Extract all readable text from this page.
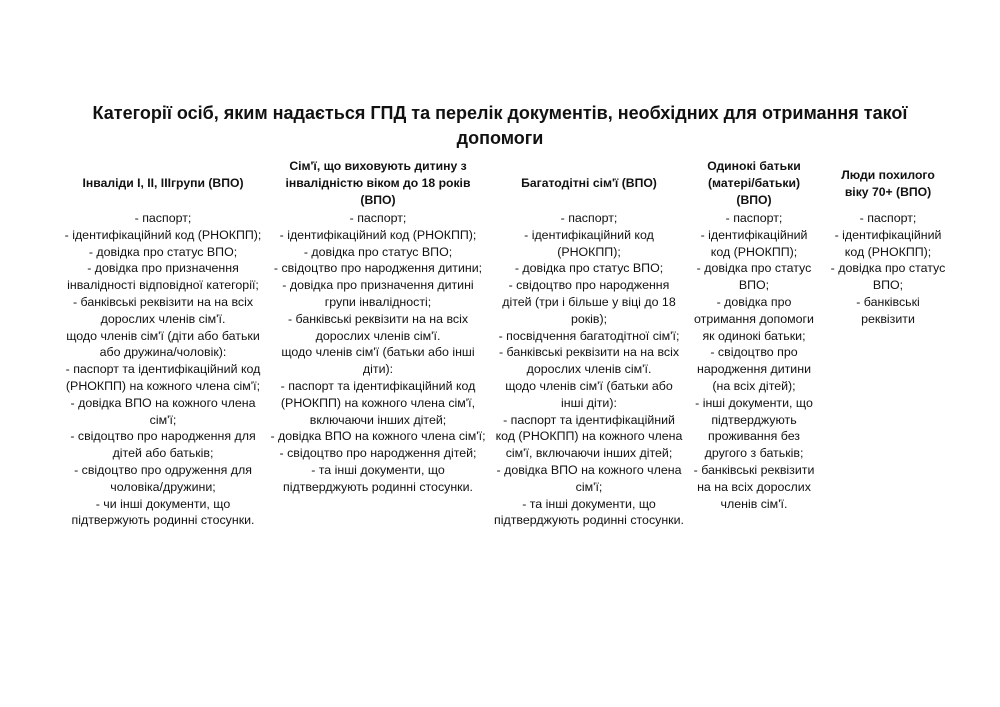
Категорії осіб, яким надається ГПД та перелік документів, необхідних для отримання такої допомоги

Інваліди І, ІІ, ІІІгрупи (ВПО)

- паспорт;
- ідентифікаційний код (РНОКПП);
- довідка про статус ВПО;
- довідка про призначення інвалідності відповідної категорії;
- банківські реквізити на на всіх дорослих членів сім'ї.
щодо членів сім'ї (діти або батьки або дружина/чоловік):
- паспорт та ідентифікаційний код (РНОКПП) на кожного члена сім'ї;
- довідка ВПО на кожного члена сім'ї;
- свідоцтво про народження для дітей або батьків;
- свідоцтво про одруження для чоловіка/дружини;
- чи інші документи, що підтвержують родинні стосунки.

Сім'ї, що виховують дитину з інвалідністю віком до 18 років (ВПО)

- паспорт;
- ідентифікаційний код (РНОКПП);
- довідка про статус ВПО;
- свідоцтво про народження дитини;
- довідка про призначення дитині групи інвалідності;
- банківські реквізити на на всіх дорослих членів сім'ї.
щодо членів сім'ї (батьки або інші діти):
- паспорт та ідентифікаційний код (РНОКПП) на кожного члена сім'ї, включаючи інших дітей;
- довідка ВПО на кожного члена сім'ї;
- свідоцтво про народження дітей;
- та інші документи, що підтверджують родинні стосунки.

Багатодітні сім'ї (ВПО)

- паспорт;
- ідентифікаційний код (РНОКПП);
- довідка про статус ВПО;
- свідоцтво про народження дітей (три і більше у віці до 18 років);
- посвідчення багатодітної сім'ї;
- банківські реквізити на на всіх дорослих членів сім'ї.
щодо членів сім'ї (батьки або інші діти):
- паспорт та ідентифікаційний код (РНОКПП) на кожного члена сім'ї, включаючи інших дітей;
- довідка ВПО на кожного члена сім'ї;
- та інші документи, що підтверджують родинні стосунки.

Одинокі батьки (матері/батьки) (ВПО)

- паспорт;
- ідентифікаційний код (РНОКПП);
- довідка про статус ВПО;
- довідка про отримання допомоги як одинокі батьки;
- свідоцтво про народження дитини (на всіх дітей);
- інші документи, що підтверджують проживання без другого з батьків;
- банківські реквізити на на всіх дорослих членів сім'ї.

Люди похилого віку 70+ (ВПО)

- паспорт;
- ідентифікаційний код (РНОКПП);
- довідка про статус ВПО;
- банківські реквізити
